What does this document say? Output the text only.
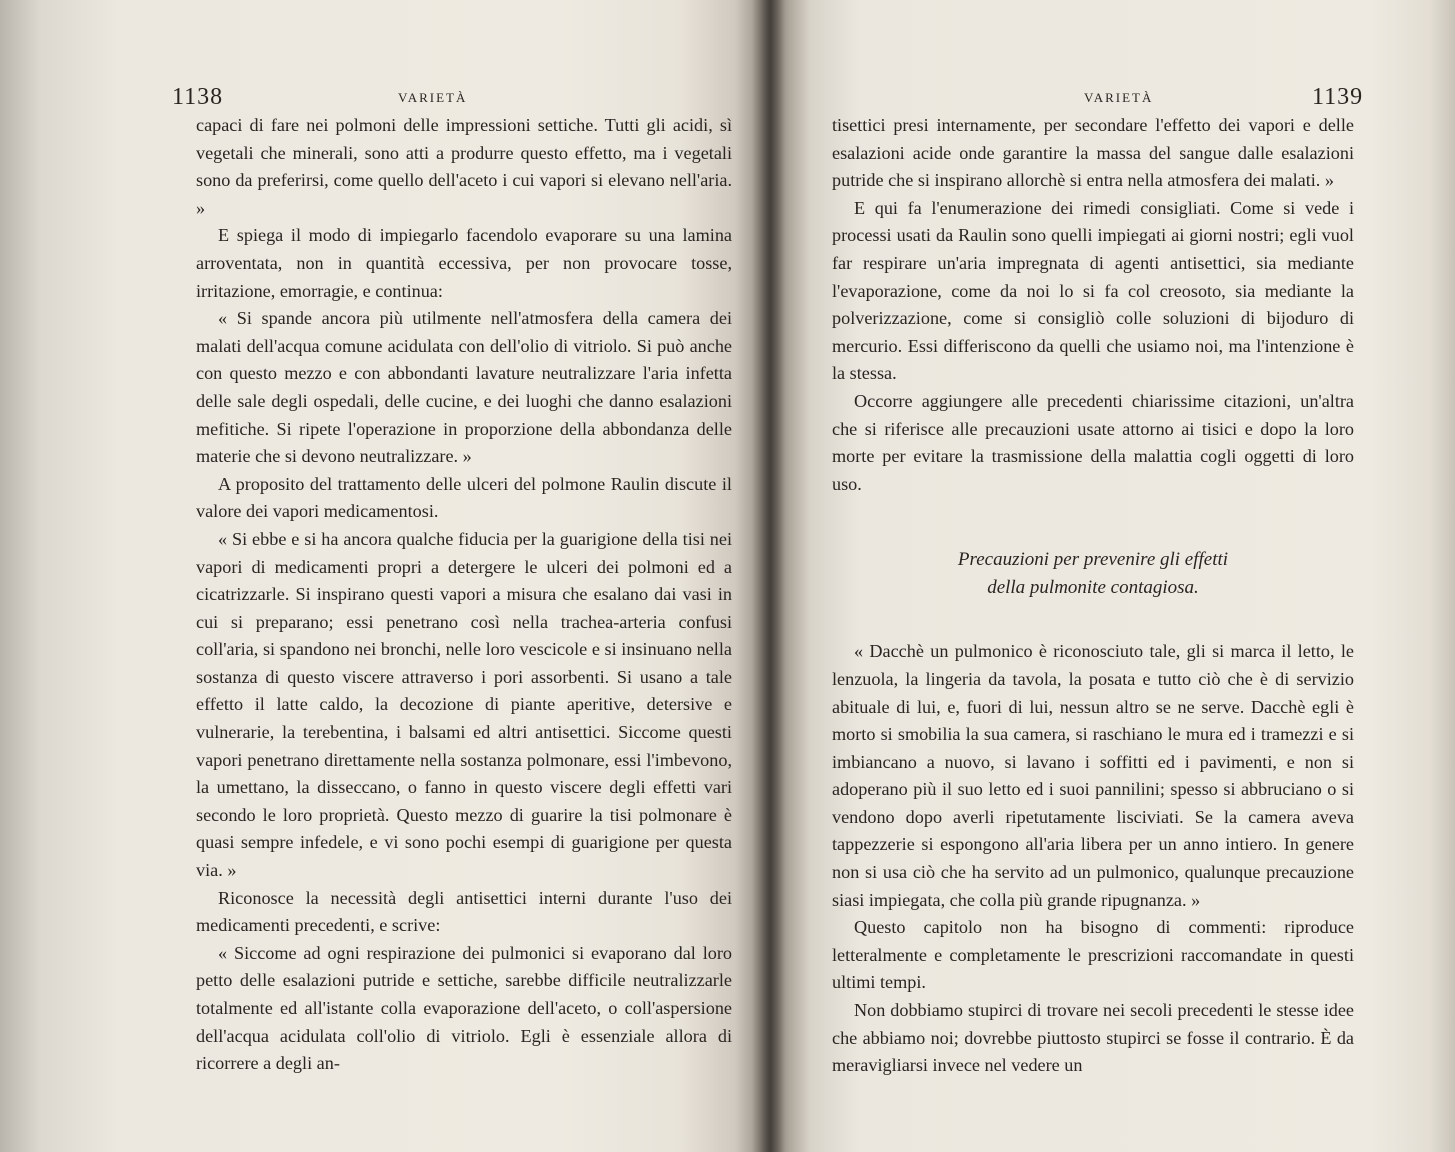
1138	VARIETÀ

capaci di fare nei polmoni delle impressioni settiche. Tutti gli acidi, sì vegetali che minerali, sono atti a produrre questo effetto, ma i vegetali sono da preferirsi, come quello dell'aceto i cui vapori si elevano nell'aria. »

E spiega il modo di impiegarlo facendolo evaporare su una lamina arroventata, non in quantità eccessiva, per non provocare tosse, irritazione, emorragie, e continua:

« Si spande ancora più utilmente nell'atmosfera della camera dei malati dell'acqua comune acidulata con dell'olio di vitriolo. Si può anche con questo mezzo e con abbondanti lavature neutralizzare l'aria infetta delle sale degli ospedali, delle cucine, e dei luoghi che danno esalazioni mefitiche. Si ripete l'operazione in proporzione della abbondanza delle materie che si devono neutralizzare. »

A proposito del trattamento delle ulceri del polmone Raulin discute il valore dei vapori medicamentosi.

« Si ebbe e si ha ancora qualche fiducia per la guarigione della tisi nei vapori di medicamenti propri a detergere le ulceri dei polmoni ed a cicatrizzarle. Si inspirano questi vapori a misura che esalano dai vasi in cui si preparano; essi penetrano così nella trachea-arteria confusi coll'aria, si spandono nei bronchi, nelle loro vescicole e si insinuano nella sostanza di questo viscere attraverso i pori assorbenti. Si usano a tale effetto il latte caldo, la decozione di piante aperitive, detersive e vulnerarie, la terebentina, i balsami ed altri antisettici. Siccome questi vapori penetrano direttamente nella sostanza polmonare, essi l'imbevono, la umettano, la disseccano, o fanno in questo viscere degli effetti vari secondo le loro proprietà. Questo mezzo di guarire la tisi polmonare è quasi sempre infedele, e vi sono pochi esempi di guarigione per questa via. »

Riconosce la necessità degli antisettici interni durante l'uso dei medicamenti precedenti, e scrive:

« Siccome ad ogni respirazione dei pulmonici si evaporano dal loro petto delle esalazioni putride e settiche, sarebbe difficile neutralizzarle totalmente ed all'istante colla evaporazione dell'aceto, o coll'aspersione dell'acqua acidulata coll'olio di vitriolo. Egli è essenziale allora di ricorrere a degli an-

VARIETÀ	1139

tisettici presi internamente, per secondare l'effetto dei vapori e delle esalazioni acide onde garantire la massa del sangue dalle esalazioni putride che si inspirano allorchè si entra nella atmosfera dei malati. »

E qui fa l'enumerazione dei rimedi consigliati. Come si vede i processi usati da Raulin sono quelli impiegati ai giorni nostri; egli vuol far respirare un'aria impregnata di agenti antisettici, sia mediante l'evaporazione, come da noi lo si fa col creosoto, sia mediante la polverizzazione, come si consigliò colle soluzioni di bijoduro di mercurio. Essi differiscono da quelli che usiamo noi, ma l'intenzione è la stessa.

Occorre aggiungere alle precedenti chiarissime citazioni, un'altra che si riferisce alle precauzioni usate attorno ai tisici e dopo la loro morte per evitare la trasmissione della malattia cogli oggetti di loro uso.

Precauzioni per prevenire gli effetti

della pulmonite contagiosa.

« Dacchè un pulmonico è riconosciuto tale, gli si marca il letto, le lenzuola, la lingeria da tavola, la posata e tutto ciò che è di servizio abituale di lui, e, fuori di lui, nessun altro se ne serve. Dacchè egli è morto si smobilia la sua camera, si raschiano le mura ed i tramezzi e si imbiancano a nuovo, si lavano i soffitti ed i pavimenti, e non si adoperano più il suo letto ed i suoi pannilini; spesso si abbruciano o si vendono dopo averli ripetutamente lisciviati. Se la camera aveva tappezzerie si espongono all'aria libera per un anno intiero. In genere non si usa ciò che ha servito ad un pulmonico, qualunque precauzione siasi impiegata, che colla più grande ripugnanza. »

Questo capitolo non ha bisogno di commenti: riproduce letteralmente e completamente le prescrizioni raccomandate in questi ultimi tempi.

Non dobbiamo stupirci di trovare nei secoli precedenti le stesse idee che abbiamo noi; dovrebbe piuttosto stupirci se fosse il contrario. È da meravigliarsi invece nel vedere un
